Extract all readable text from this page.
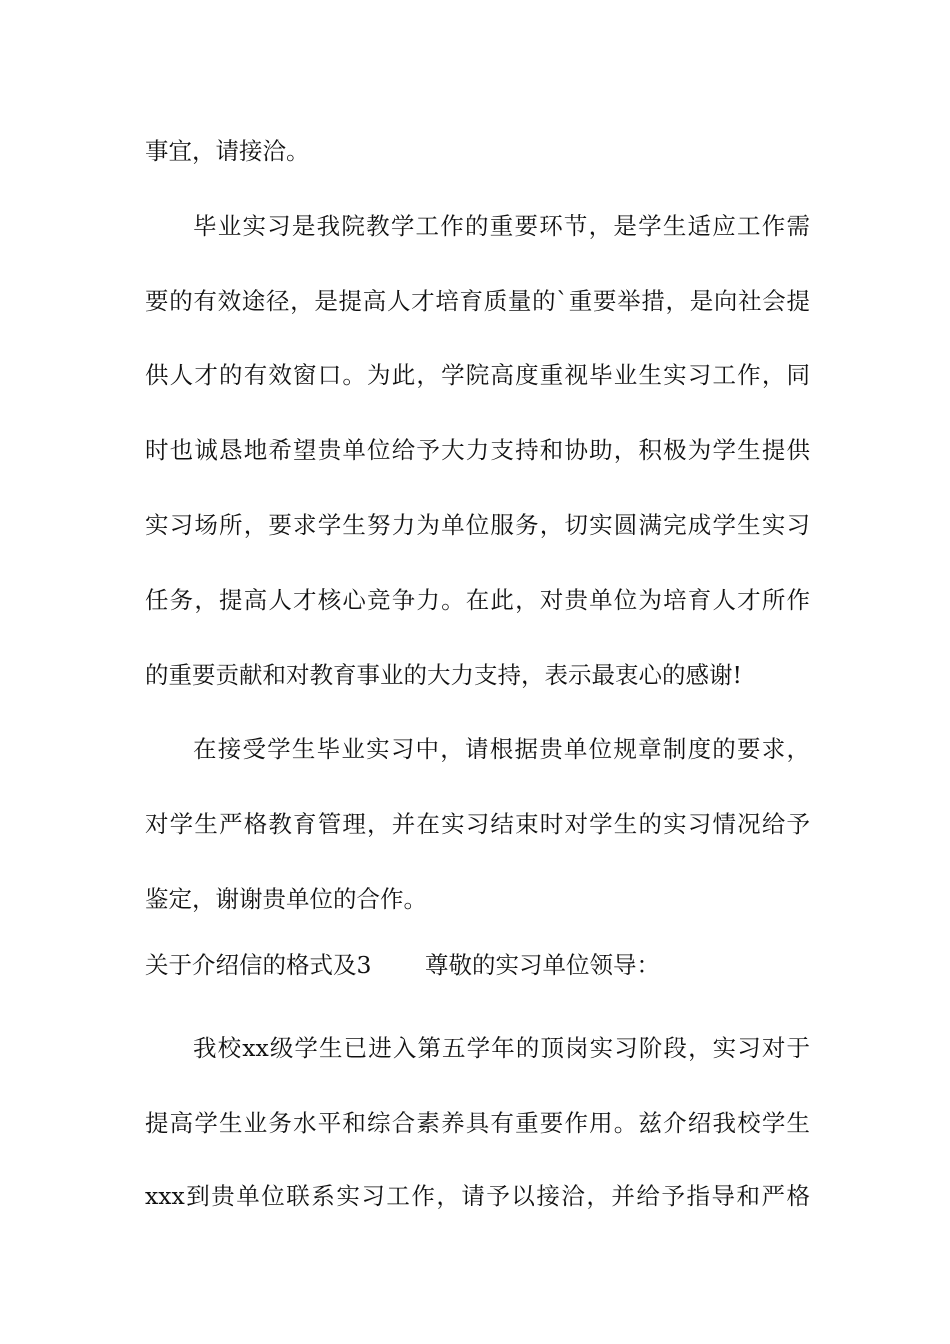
事宜，请接洽。
毕业实习是我院教学工作的重要环节，是学生适应工作需
要的有效途径，是提高人才培育质量的`重要举措，是向社会提
供人才的有效窗口。为此，学院高度重视毕业生实习工作，同
时也诚恳地希望贵单位给予大力支持和协助，积极为学生提供
实习场所，要求学生努力为单位服务，切实圆满完成学生实习
任务，提高人才核心竞争力。在此，对贵单位为培育人才所作
的重要贡献和对教育事业的大力支持，表示最衷心的感谢!
在接受学生毕业实习中，请根据贵单位规章制度的要求，
对学生严格教育管理，并在实习结束时对学生的实习情况给予
鉴定，谢谢贵单位的合作。
关于介绍信的格式及3	尊敬的实习单位领导：
我校xx级学生已进入第五学年的顶岗实习阶段，实习对于
提高学生业务水平和综合素养具有重要作用。兹介绍我校学生
xxx到贵单位联系实习工作，请予以接洽，并给予指导和严格
